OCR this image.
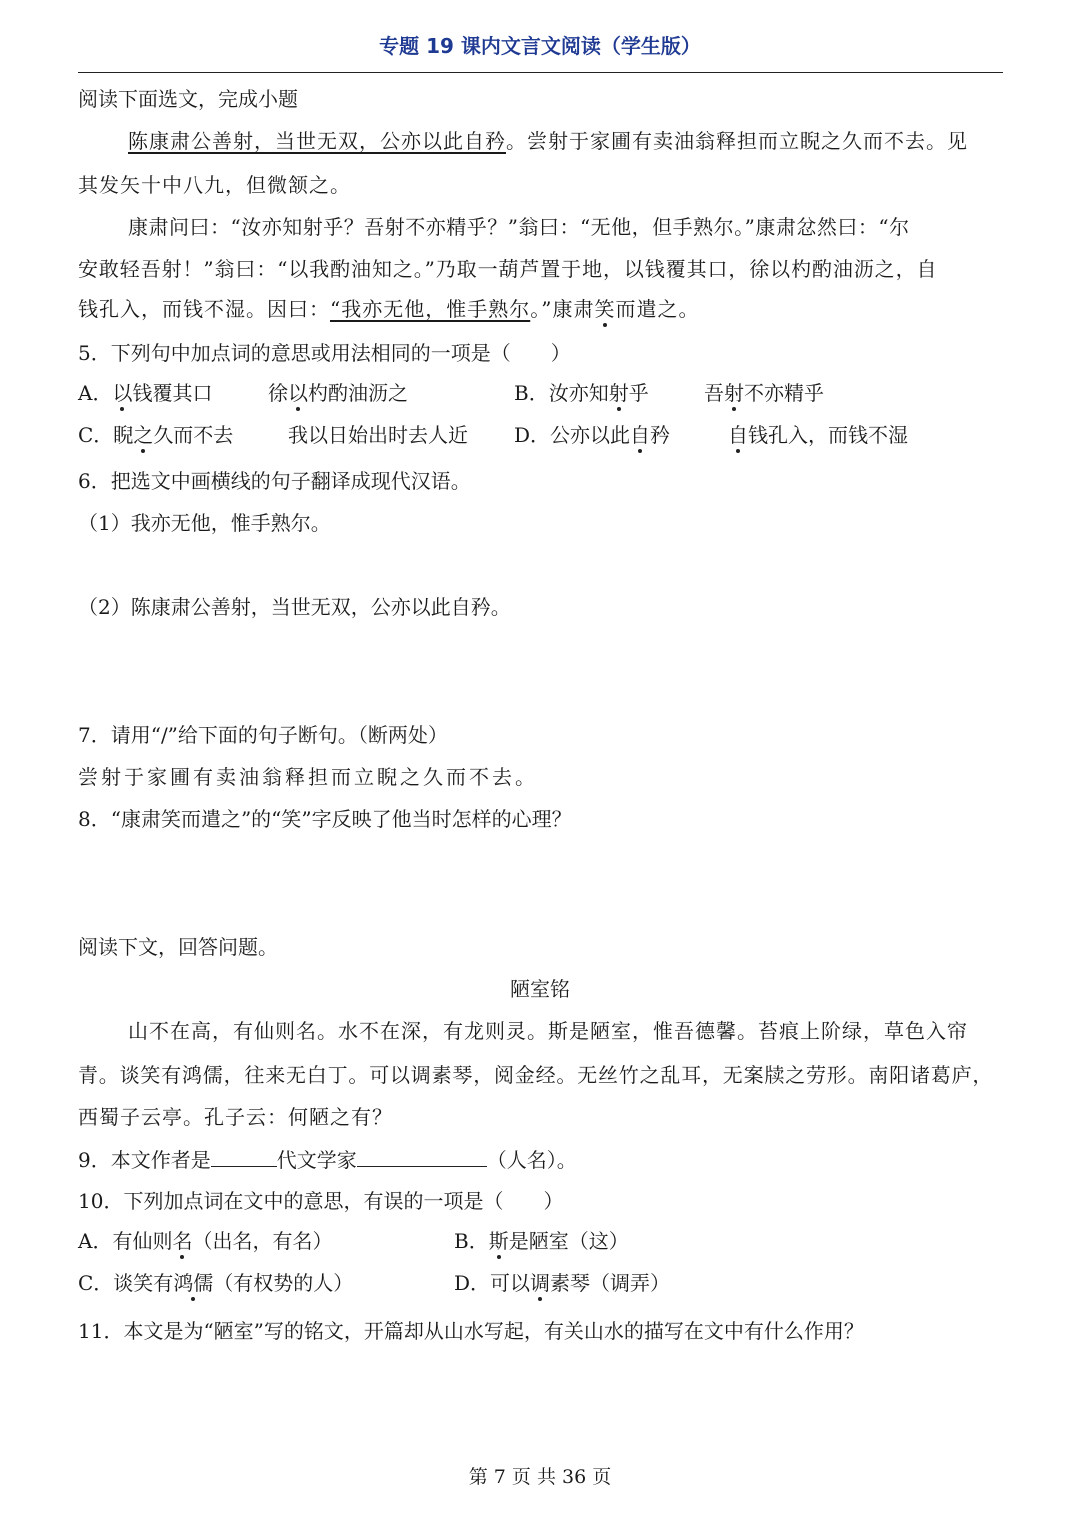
专题 19 课内文言文阅读（学生版）
阅读下面选文，完成小题
陈康肃公善射，当世无双，公亦以此自矜。尝射于家圃有卖油翁释担而立睨之久而不去。见
其发矢十中八九，但微颔之。
康肃问曰：“汝亦知射乎？吾射不亦精乎？”翁曰：“无他，但手熟尔。”康肃忿然曰：“尔
安敢轻吾射！”翁曰：“以我酌油知之。”乃取一葫芦置于地，以钱覆其口，徐以杓酌油沥之，自
钱孔入，而钱不湿。因曰：“我亦无他，惟手熟尔。”康肃笑而遣之。
5．下列句中加点词的意思或用法相同的一项是（　　）
A．以钱覆其口	徐以杓酌油沥之	B．汝亦知射乎	吾射不亦精乎
C．睨之久而不去	我以日始出时去人近 D．公亦以此自矜	自钱孔入，而钱不湿
6．把选文中画横线的句子翻译成现代汉语。
（1）我亦无他，惟手熟尔。
（2）陈康肃公善射，当世无双，公亦以此自矜。
7．请用“/”给下面的句子断句。（断两处）
尝射于家圃有卖油翁释担而立睨之久而不去。
8．“康肃笑而遣之”的“笑”字反映了他当时怎样的心理？
阅读下文，回答问题。
陋室铭
山不在高，有仙则名。水不在深，有龙则灵。斯是陋室，惟吾德馨。苔痕上阶绿，草色入帘
青。谈笑有鸿儒，往来无白丁。可以调素琴，阅金经。无丝竹之乱耳，无案牍之劳形。南阳诸葛庐，
西蜀子云亭。孔子云：何陋之有？
9．本文作者是	代文学家	（人名）。
10．下列加点词在文中的意思，有误的一项是（　　）
A．有仙则名（出名，有名）	B．斯是陋室（这）
C．谈笑有鸿儒（有权势的人）	D．可以调素琴（调弄）
11．本文是为“陋室”写的铭文，开篇却从山水写起，有关山水的描写在文中有什么作用？
第 7 页 共 36 页
